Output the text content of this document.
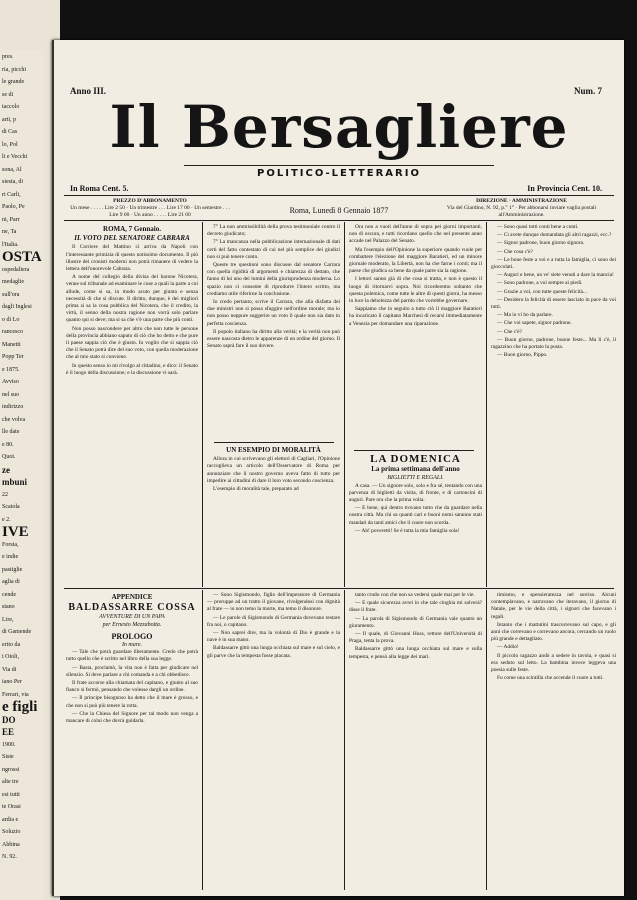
pres.
ria, picchi
le grande
se di
taccolo
arti, p
di Cas
lo, Pol
li e Vecchi
sona, Al
siesta, di
ri Carli,
Paolo, Pe
ni, Parr
ne, Ta
l'Italia.
OSTA
ospedaliera
medaglie
sull'ora
dagli Inglesi
o di Lo
rancesco
Manetti
Popp Ter
e 1875.
Avviso
nel suo
indirizzo
che volva
lle date
e 80.
Quot.
ze
mbuni
22
Scatola
e 2.
IVE
Forsta,
e indie
pastiglie
aglia di
cende
stano
Lire,
di Gamende
erito da
i Oioli,
Via di
iano Per
Ferrari, via
e figli
DO
EE
1900.
Siste
ngrossi
alte tre
esi tutti
te Orasi
ardia e
Soluzio
Abbina
N. 92.
Anno III.	Num. 7
Il Bersagliere
POLITICO-LETTERARIO
In Roma Cent. 5.	In Provincia Cent. 10.
PREZZO D'ABBONAMENTO
Un mese . . . . . Lire 2 50 · Un trimestre . . . Lire 17 00 · Un semestre . . . Lire 9 00 · Un anno . . . . . Lire 21 00	Roma, Lunedì 8 Gennaio 1877
DIREZIONE · AMMINISTRAZIONE
Via del Giardino, N. 92, p.° 1° · Per abbonarsi inviare vaglia postali all'Amministrazione.
ROMA, 7 Gennaio.
IL VOTO DEL SENATORE CABRARA

Il Corriere del Mattino ci arriva da Napoli con l'interessante primizia di questo notissimo documento. Il più illustre dei cronisti moderni non potrà rimanere di vedere la lettera dell'onorevole Cabrara.

A nome del collegio della divisa del barone Nicotera, venne sul tribunale ad esaminare le cose a quali la parte a cui allude, come si sa, in modo acuto per giunta e senza necessità di che si discute. Il diritto, dunque, è dei migliori prima si sa la cosa pubblica del Nicotera, che il credito, la virtù, il senno della nostra ragione non vorrà solo parlare quanto qui si deve; ma si sa che v'è una parte che più conti.

Non posso nascondere per altro che non tutte le persone della provincia abbiano saputo di ciò che ho detto e che pure il paese sappia ciò che è giusto. Io voglio che si sappia ciò che il Senato potrà dire del suo voto, con quella moderazione che al mio stato si conviene.

In questo senso io mi rivolgo al cittadino, e dico: il Senato è il luogo della discussione; e la discussione vi sarà.

7° La non ammissibilità della prova testimoniale contro il decreto giudicato;

7° La mancanza nella pubblicazione internazionale di dati certi del fatto contestato di cui nel più semplice dei giudizi non si può tenere conto.

Queste tre questioni sono discusse dal senatore Carrara con quella rigidità di argomenti e chiarezza di dettato, che fanno di lui uno dei lumini della giurisprudenza moderna. Lo spazio non ci consente di riprodurre l'intero scritto, ma crediamo utile riferirne la conclusione.

Io credo pertanto, scrive il Carrara, che alla disfatta dei due ministri non si possa sfuggire nell'ordine morale; ma io non posso neppure suggerire un voto il quale non sia dato in perfetta coscienza.

Il popolo italiano ha diritto alla verità; e la verità non può essere nascosta dietro le apparenze di un ordine del giorno. Il Senato saprà fare il suo dovere.

UN ESEMPIO DI MORALITÀ

Allora in cui scrivevano gli elettori di Cagliari, l'Opinione raccoglieva un articolo dell'Osservatore di Roma per annunziare che il nostro governo aveva fatto di tutto per impedire ai cittadini di dare il loro voto secondo coscienza.

L'esempio di moralità tale, preparato ad

Ora non a vuoti dell'anno di sopra pei giorni importanti, non di oscura, e tutti ricordano quello che nel presente anno accade nel Palazzo del Senato.

Ma l'esempio dell'Opinione la superiore quando vuole per combattere l'elezione del maggiore Baratieri, ed un minore giornale moderato, la Libertà, non ha che farne i conti; ma il paese che giudica sa bene da quale parte sia la ragione.

I lettori sanno già di che cosa si tratta, e non è questo il luogo di ritornarvi sopra. Noi ricorderemo soltanto che questa polemica, come tutte le altre di questi giorni, ha messo in luce la debolezza del partito che vorrebbe governare.

Sappiamo che in seguito a tutto ciò il maggiore Baratieri ha incaricato il capitano Marchesi di recarsi immediatamente a Venezia per domandare una riparazione.

LA DOMENICA
La prima settimana dell'anno
BIGLIETTI E REGALI.

A casa. — Un signore solo, solo e fra sé, tentando con una parvenza di biglietti da visita, di fronte, e di cartoncini di auguri. Pare ora che la prima volta.

— E bene, qui dentro trovano tutto che da guardare nella nostra città. Ma chi sa quanti cari e buoni nomi saranno stati mandati da tanti amici che il cuore non scorda.

— Ah! poveretti! Se è tutta la mia famiglia sola!

— Sono quasi tutti conti bene a conti.

— Ci avete dunque domandata gli altri ragazzi, ecc.?

— Signor padrone, buon giorno signora.

— Che cosa c'è?

— Le bone feste a voi e a tutta la famiglia, ci sono dei gioccolati.

— Auguri e bene, un ve' siete venuti a dare la mancia!

— Sono padrone, a voi sempre ai piedi.

— Grazie a voi, con tutte queste felicità...

— Desidero la felicità di essere lasciato in pace da voi tutti.

— Ma io vi ho da parlare.

— Che voi sapete, signor padrone.

— Che c'è?

— Buon giorno, padrone, buone feste... Ma li c'è, il ragazzino che ha portato la posta.

— Buon giorno, Pippo.

APPENDICE
BALDASSARRE COSSA
AVVENTURE DI UN PAPA
per Ernesto Mezzabotta.
PROLOGO
In mare.

— Tale che potrà guardare liberamente. Credo che potrà tutto quello che è scritto nel libro della sua legge.

— Basta, proclamò, la vita non è fatta per giudicare nel silenzio. Si deve parlare a chi comanda e a chi obbedisce.

Il frate accorse alla chiamata del capitano, e giunto al suo fianco si fermò, pensando che volesse dargli un ordine.

— Il principe bisognoso ha detto che il mare è grosso, e che non si può più tenere la rotta.

— Che la Chiesa del Signore per tal modo non venga a mancare di colui che dovrà guidarla.

— Sono Sigismondo, figlio dell'imperatore di Germania — proruppe ad un tratto il giovane, rivolgendosi con dignità al frate — io non temo la morte, ma temo il disonore.

— Le parole di Sigismondo di Germania dovevano restare fra noi, o capitano.

— Non saprei dire, ma la volontà di Dio è grande e la nave è in sua mano.

Baldassarre gittò una lunga occhiata sul mare e sul cielo, e gli parve che la tempesta fosse placata.

tanto crudo con che non sa vedersi quale mai per le vie.

— E quale sicurezza avrei io che tale cinghia mi salverà? disse il frate.

— La parola di Sigismondo di Germania vale quanto un giuramento.

— Il quale, di Giovanni Huss, rettore dell'Università di Praga, tenta la prova.

Baldassarre gittò una lunga occhiata sul mare e sulla tempesta, e pensò alla legge dei mari.

timismo, e spensieratezza nel sorriso. Alcuni contemplavano, e narravano che iteravano, il giorno di Natale, per le vie della città, i signori che facevano i regali.

Intanto che i mattutini trascorrevano sul capo, e gli anni che correvano e correvano ancora, cercando un ruolo più grande e dettagliato.

— Addio!

Il piccolo ragazzo andò a sedere in tavola, e quasi si era seduto sul letto. La bambina invece leggeva una poesia sulle feste.

Fu come una scintilla che accende il cuore a tutti.
